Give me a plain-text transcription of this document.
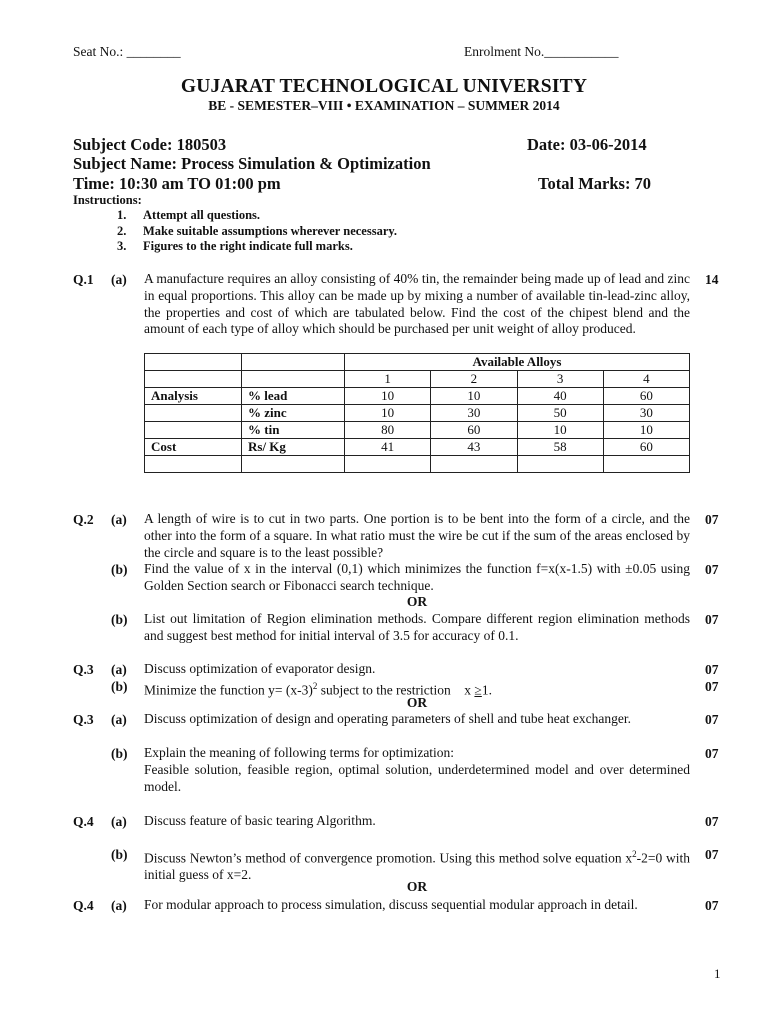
Seat No.: ________	Enrolment No.___________
GUJARAT TECHNOLOGICAL UNIVERSITY
BE - SEMESTER–VIII • EXAMINATION – SUMMER 2014
Subject Code: 180503	Date: 03-06-2014
Subject Name: Process Simulation & Optimization
Time: 10:30 am TO 01:00 pm	Total Marks: 70
Instructions:
1. Attempt all questions.
2. Make suitable assumptions wherever necessary.
3. Figures to the right indicate full marks.
Q.1 (a) A manufacture requires an alloy consisting of 40% tin, the remainder being made up of lead and zinc in equal proportions. This alloy can be made up by mixing a number of available tin-lead-zinc alloy, the properties and cost of which are tabulated below. Find the cost of the chipest blend and the amount of each type of alloy which should be purchased per unit weight of alloy produced.
14
		Available Alloys			
		1	2	3	4
Analysis	% lead	10	10	40	60
	% zinc	10	30	50	30
	% tin	80	60	10	10
Cost	Rs/ Kg	41	43	58	60

Q.2 (a) A length of wire is to cut in two parts. One portion is to be bent into the form of a circle, and the other into the form of a square. In what ratio must the wire be cut if the sum of the areas enclosed by the circle and square is to the least possible?
07
(b) Find the value of x in the interval (0,1) which minimizes the function f=x(x-1.5) with ±0.05 using Golden Section search or Fibonacci search technique.
07
OR
(b) List out limitation of Region elimination methods. Compare different region elimination methods and suggest best method for initial interval of 3.5 for accuracy of 0.1.
07
Q.3 (a) Discuss optimization of evaporator design.	07
(b) Minimize the function $y= (x-3)^2$ subject to the restriction    x ≥1.	07
OR
Q.3 (a) Discuss optimization of design and operating parameters of shell and tube heat exchanger.	07
(b) Explain the meaning of following terms for optimization:
Feasible solution, feasible region, optimal solution, underdetermined model and over determined model.
07
Q.4 (a) Discuss feature of basic tearing Algorithm.	07
(b) Discuss Newton’s method of convergence promotion. Using this method solve equation $x^2-2=0$ with initial guess of x=2.
07
OR
Q.4 (a) For modular approach to process simulation, discuss sequential modular approach in detail.	07
1
